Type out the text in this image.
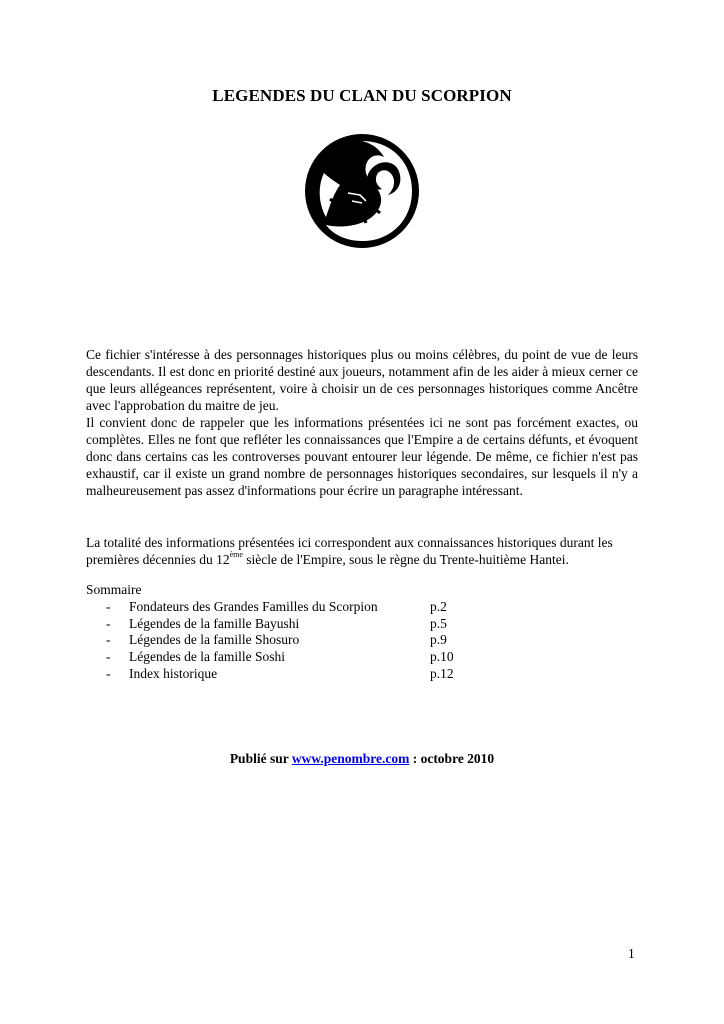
LEGENDES DU CLAN DU SCORPION

Ce fichier s'intéresse à des personnages historiques plus ou moins célèbres, du point de vue de leurs descendants. Il est donc en priorité destiné aux joueurs, notamment afin de les aider à mieux cerner ce que leurs allégeances représentent, voire à choisir un de ces personnages historiques comme Ancêtre avec l'approbation du maitre de jeu.

Il convient donc de rappeler que les informations présentées ici ne sont pas forcément exactes, ou complètes. Elles ne font que refléter les connaissances que l'Empire a de certains défunts, et évoquent donc dans certains cas les controverses pouvant entourer leur légende. De même, ce fichier n'est pas exhaustif, car il existe un grand nombre de personnages historiques secondaires, sur lesquels il n'y a malheureusement pas assez d'informations pour écrire un paragraphe intéressant.

La totalité des informations présentées ici correspondent aux connaissances historiques durant les premières décennies du 12ème siècle de l'Empire, sous le règne du Trente-huitième Hantei.

Sommaire

- Fondateurs des Grandes Familles du Scorpion	p.2
- Légendes de la famille Bayushi	p.5
- Légendes de la famille Shosuro	p.9
- Légendes de la famille Soshi	p.10
- Index historique	p.12
Publié sur www.penombre.com : octobre 2010
1
